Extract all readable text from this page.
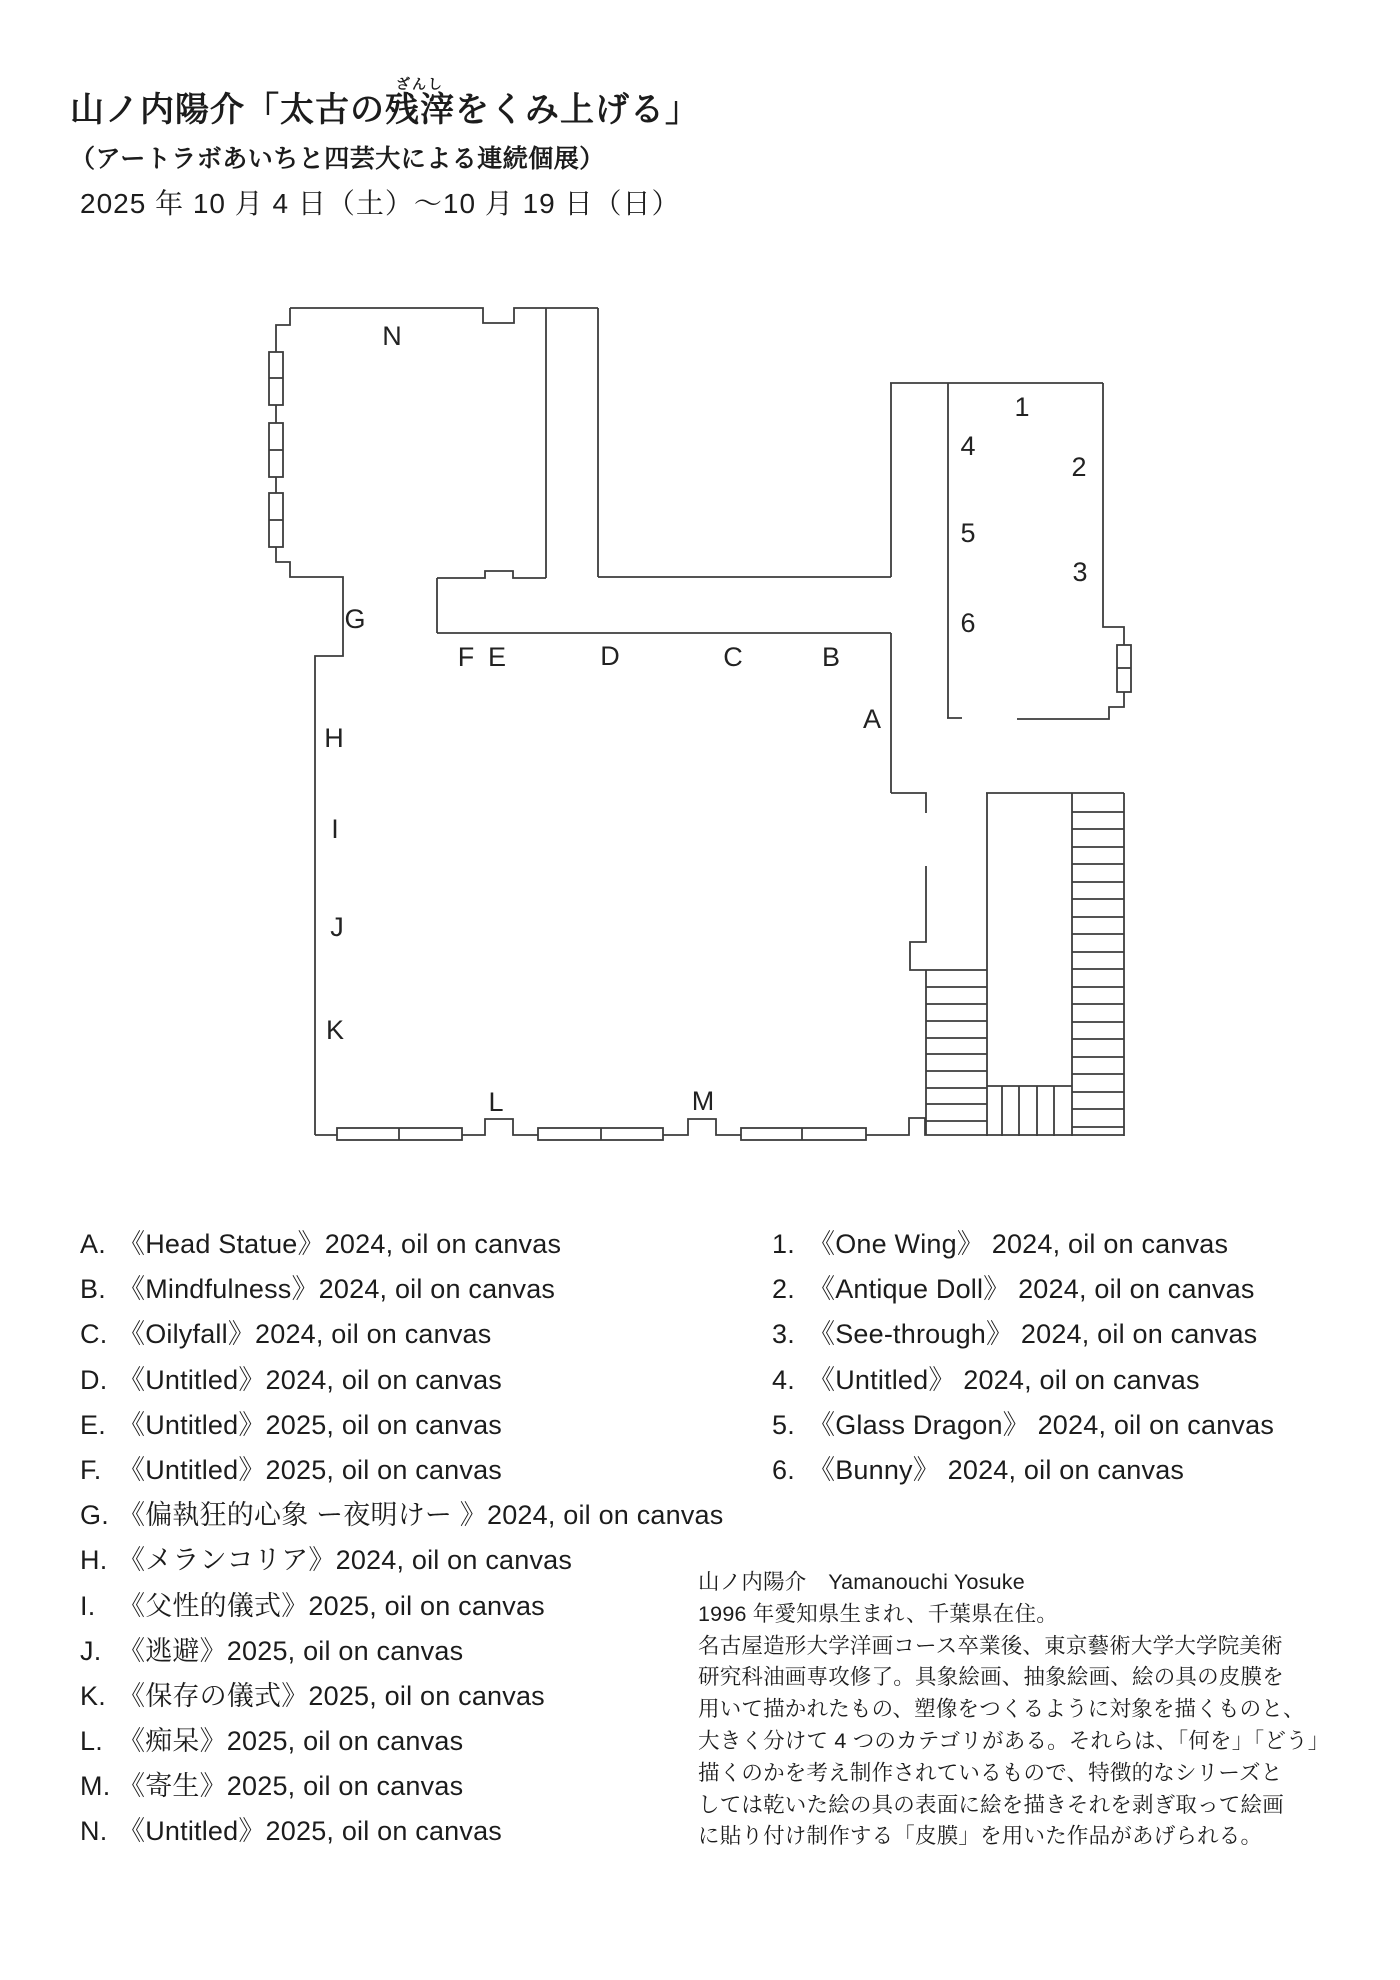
山ノ内陽介「太古の残滓ざんしをくみ上げる」
（アートラボあいちと四芸大による連続個展）
2025 年 10 月 4 日（土）～10 月 19 日（日）
N
G
H
I
J
K
L	M
F E	D	C	B
A
1
2
3
4
5
6
A. 《Head Statue》2024, oil on canvas
B. 《Mindfulness》2024, oil on canvas
C. 《Oilyfall》2024, oil on canvas
D. 《Untitled》2024, oil on canvas
E. 《Untitled》2025, oil on canvas
F. 《Untitled》2025, oil on canvas
G. 《偏執狂的心象 ー夜明けー 》2024, oil on canvas
H. 《メランコリア》2024, oil on canvas
I. 《父性的儀式》2025, oil on canvas
J. 《逃避》2025, oil on canvas
K. 《保存の儀式》2025, oil on canvas
L. 《痴呆》2025, oil on canvas
M. 《寄生》2025, oil on canvas
N. 《Untitled》2025, oil on canvas
1. 《One Wing》 2024, oil on canvas
2. 《Antique Doll》 2024, oil on canvas
3. 《See-through》 2024, oil on canvas
4. 《Untitled》 2024, oil on canvas
5. 《Glass Dragon》 2024, oil on canvas
6. 《Bunny》 2024, oil on canvas
山ノ内陽介　Yamanouchi Yosuke
1996 年愛知県生まれ、千葉県在住。
名古屋造形大学洋画コース卒業後、東京藝術大学大学院美術
研究科油画専攻修了。具象絵画、抽象絵画、絵の具の皮膜を
用いて描かれたもの、塑像をつくるように対象を描くものと、
大きく分けて 4 つのカテゴリがある。それらは、「何を」「どう」
描くのかを考え制作されているもので、特徴的なシリーズと
しては乾いた絵の具の表面に絵を描きそれを剥ぎ取って絵画
に貼り付け制作する「皮膜」を用いた作品があげられる。
